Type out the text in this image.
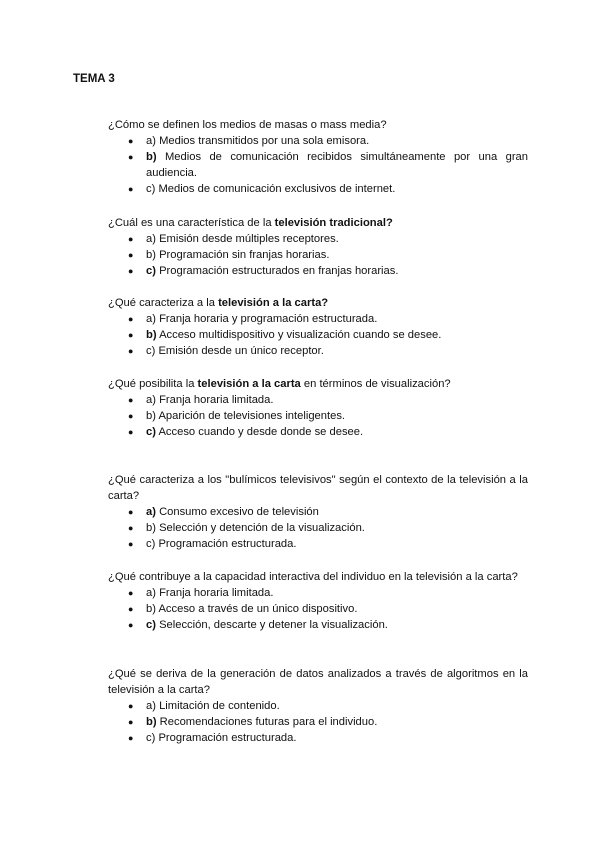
TEMA 3
¿Cómo se definen los medios de masas o mass media?
● a) Medios transmitidos por una sola emisora.
● b) Medios de comunicación recibidos simultáneamente por una gran audiencia.
● c) Medios de comunicación exclusivos de internet.
¿Cuál es una característica de la televisión tradicional?
● a) Emisión desde múltiples receptores.
● b) Programación sin franjas horarias.
● c) Programación estructurados en franjas horarias.
¿Qué caracteriza a la televisión a la carta?
● a) Franja horaria y programación estructurada.
● b) Acceso multidispositivo y visualización cuando se desee.
● c) Emisión desde un único receptor.
¿Qué posibilita la televisión a la carta en términos de visualización?
● a) Franja horaria limitada.
● b) Aparición de televisiones inteligentes.
● c) Acceso cuando y desde donde se desee.
¿Qué caracteriza a los "bulímicos televisivos" según el contexto de la televisión a la carta?
● a) Consumo excesivo de televisión
● b) Selección y detención de la visualización.
● c) Programación estructurada.
¿Qué contribuye a la capacidad interactiva del individuo en la televisión a la carta?
● a) Franja horaria limitada.
● b) Acceso a través de un único dispositivo.
● c) Selección, descarte y detener la visualización.
¿Qué se deriva de la generación de datos analizados a través de algoritmos en la televisión a la carta?
● a) Limitación de contenido.
● b) Recomendaciones futuras para el individuo.
● c) Programación estructurada.
